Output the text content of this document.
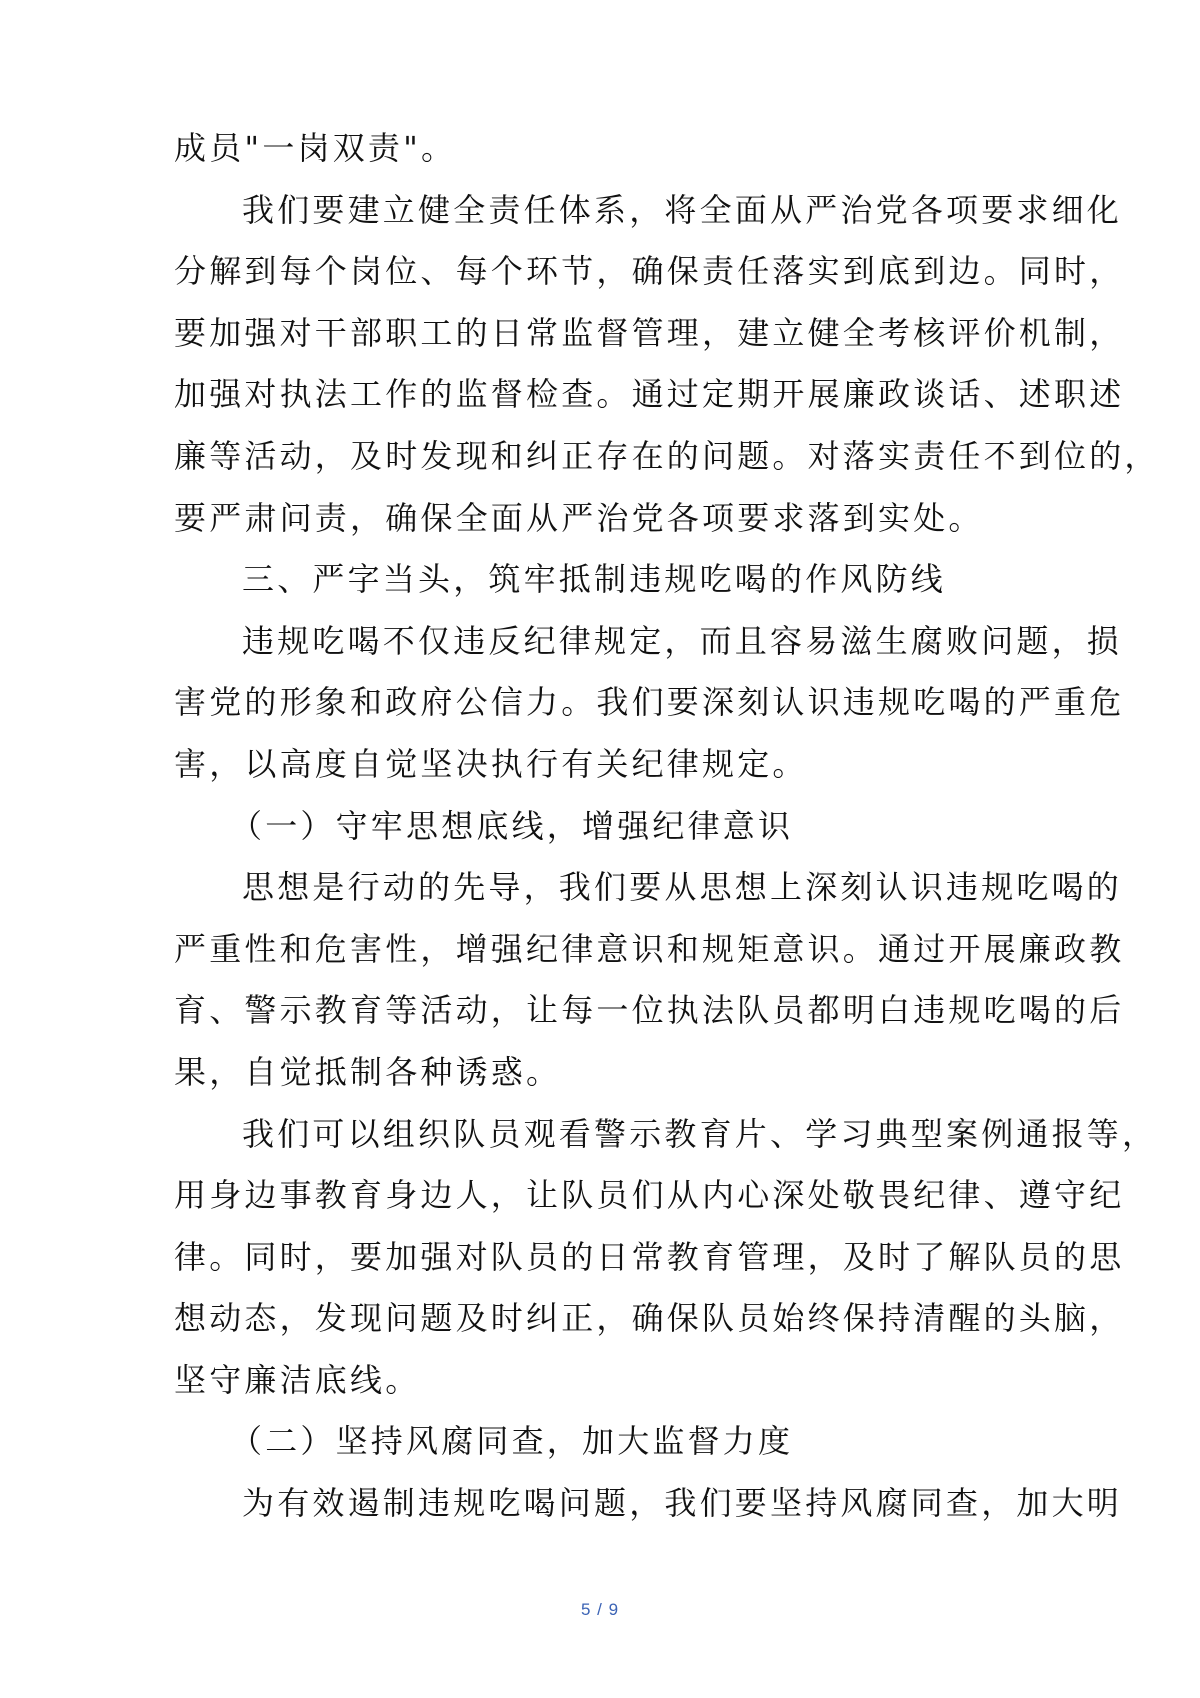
成员"一岗双责"。
我们要建立健全责任体系，将全面从严治党各项要求细化
分解到每个岗位、每个环节，确保责任落实到底到边。同时，
要加强对干部职工的日常监督管理，建立健全考核评价机制，
加强对执法工作的监督检查。通过定期开展廉政谈话、述职述
廉等活动，及时发现和纠正存在的问题。对落实责任不到位的，
要严肃问责，确保全面从严治党各项要求落到实处。
三、严字当头，筑牢抵制违规吃喝的作风防线
违规吃喝不仅违反纪律规定，而且容易滋生腐败问题，损
害党的形象和政府公信力。我们要深刻认识违规吃喝的严重危
害，以高度自觉坚决执行有关纪律规定。
（一）守牢思想底线，增强纪律意识
思想是行动的先导，我们要从思想上深刻认识违规吃喝的
严重性和危害性，增强纪律意识和规矩意识。通过开展廉政教
育、警示教育等活动，让每一位执法队员都明白违规吃喝的后
果，自觉抵制各种诱惑。
我们可以组织队员观看警示教育片、学习典型案例通报等，
用身边事教育身边人，让队员们从内心深处敬畏纪律、遵守纪
律。同时，要加强对队员的日常教育管理，及时了解队员的思
想动态，发现问题及时纠正，确保队员始终保持清醒的头脑，
坚守廉洁底线。
（二）坚持风腐同查，加大监督力度
为有效遏制违规吃喝问题，我们要坚持风腐同查，加大明
5 / 9
